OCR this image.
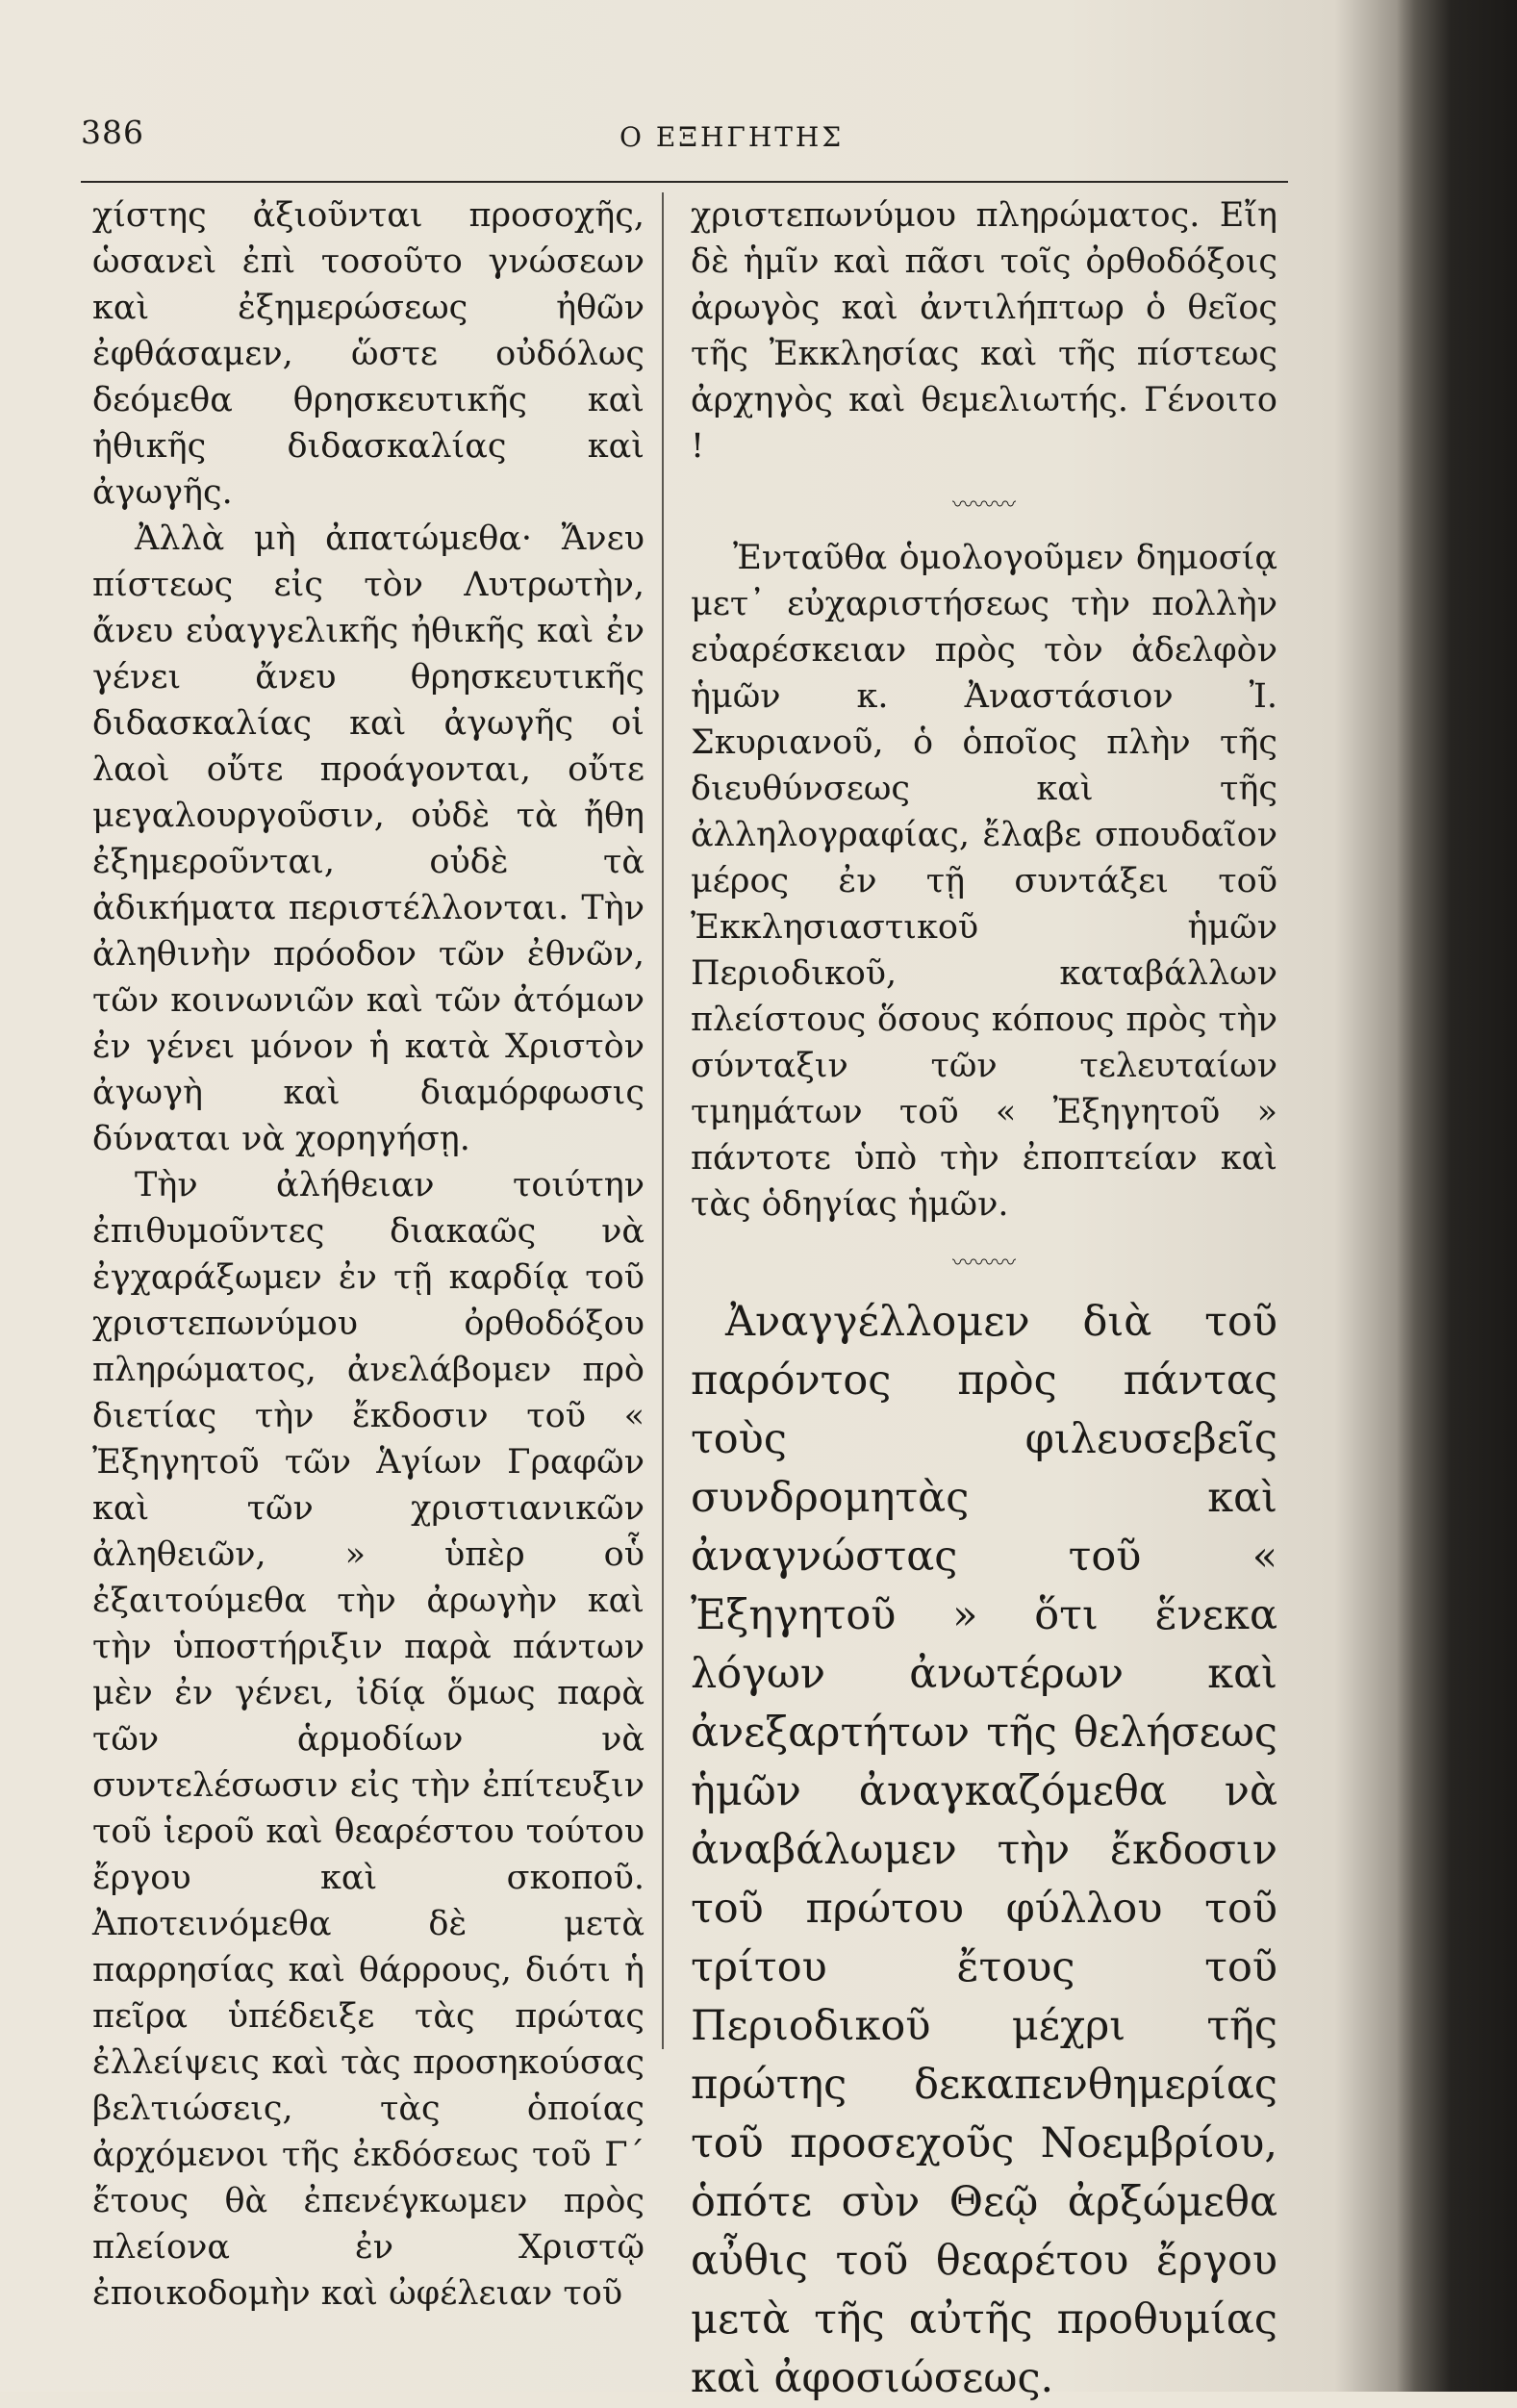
386	Ο ΕΞΗΓΗΤΗΣ

χίστης ἀξιοῦνται προσοχῆς, ὡσανεὶ ἐπὶ τοσοῦτο γνώσεων καὶ ἐξημερώσεως ἠθῶν ἐφθάσαμεν, ὥστε οὐδόλως δεόμεθα θρησκευτικῆς καὶ ἠθικῆς διδασκαλίας καὶ ἀγωγῆς.

Ἀλλὰ μὴ ἀπατώμεθα· Ἄνευ πίστεως εἰς τὸν Λυτρωτὴν, ἄνευ εὐαγγελικῆς ἠθικῆς καὶ ἐν γένει ἄνευ θρησκευτικῆς διδασκαλίας καὶ ἀγωγῆς οἱ λαοὶ οὔτε προάγονται, οὔτε μεγαλουργοῦσιν, οὐδὲ τὰ ἤθη ἐξημεροῦνται, οὐδὲ τὰ ἀδικήματα περιστέλλονται. Τὴν ἀληθινὴν πρόοδον τῶν ἐθνῶν, τῶν κοινωνιῶν καὶ τῶν ἀτόμων ἐν γένει μόνον ἡ κατὰ Χριστὸν ἀγωγὴ καὶ διαμόρφωσις δύναται νὰ χορηγήσῃ.

Τὴν ἀλήθειαν τοιύτην ἐπιθυμοῦντες διακαῶς νὰ ἐγχαράξωμεν ἐν τῇ καρδίᾳ τοῦ χριστεπωνύμου ὀρθοδόξου πληρώματος, ἀνελάβομεν πρὸ διετίας τὴν ἔκδοσιν τοῦ « Ἐξηγητοῦ τῶν Ἁγίων Γραφῶν καὶ τῶν χριστιανικῶν ἀληθειῶν, » ὑπὲρ οὗ ἐξαιτούμεθα τὴν ἀρωγὴν καὶ τὴν ὑποστήριξιν παρὰ πάντων μὲν ἐν γένει, ἰδίᾳ ὅμως παρὰ τῶν ἁρμοδίων νὰ συντελέσωσιν εἰς τὴν ἐπίτευξιν τοῦ ἱεροῦ καὶ θεαρέστου τούτου ἔργου καὶ σκοποῦ. Ἀποτεινόμεθα δὲ μετὰ παρρησίας καὶ θάρρους, διότι ἡ πεῖρα ὑπέδειξε τὰς πρώτας ἐλλείψεις καὶ τὰς προσηκούσας βελτιώσεις, τὰς ὁποίας ἀρχόμενοι τῆς ἐκδόσεως τοῦ Γ´ ἔτους θὰ ἐπενέγκωμεν πρὸς πλείονα ἐν Χριστῷ ἐποικοδομὴν καὶ ὠφέλειαν τοῦ

χριστεπωνύμου πληρώματος. Εἴη δὲ ἡμῖν καὶ πᾶσι τοῖς ὀρθοδόξοις ἀρωγὸς καὶ ἀντιλήπτωρ ὁ θεῖος τῆς Ἐκκλησίας καὶ τῆς πίστεως ἀρχηγὸς καὶ θεμελιωτής. Γένοιτο !

〰〰〰

Ἐνταῦθα ὁμολογοῦμεν δημοσίᾳ μετ᾽ εὐχαριστήσεως τὴν πολλὴν εὐαρέσκειαν πρὸς τὸν ἀδελφὸν ἡμῶν κ. Ἀναστάσιον Ἰ. Σκυριανοῦ, ὁ ὁποῖος πλὴν τῆς διευθύνσεως καὶ τῆς ἀλληλογραφίας, ἔλαβε σπουδαῖον μέρος ἐν τῇ συντάξει τοῦ Ἐκκλησιαστικοῦ ἡμῶν Περιοδικοῦ, καταβάλλων πλείστους ὅσους κόπους πρὸς τὴν σύνταξιν τῶν τελευταίων τμημάτων τοῦ « Ἐξηγητοῦ » πάντοτε ὑπὸ τὴν ἐποπτείαν καὶ τὰς ὁδηγίας ἡμῶν.

〰〰〰

Ἀναγγέλλομεν διὰ τοῦ παρόντος πρὸς πάντας τοὺς φιλευσεβεῖς συνδρομητὰς καὶ ἀναγνώστας τοῦ « Ἐξηγητοῦ » ὅτι ἕνεκα λόγων ἀνωτέρων καὶ ἀνεξαρτήτων τῆς θελήσεως ἡμῶν ἀναγκαζόμεθα νὰ ἀναβάλωμεν τὴν ἔκδοσιν τοῦ πρώτου φύλλου τοῦ τρίτου ἔτους τοῦ Περιοδικοῦ μέχρι τῆς πρώτης δεκαπενθημερίας τοῦ προσεχοῦς Νοεμβρίου, ὁπότε σὺν Θεῷ ἀρξώμεθα αὖθις τοῦ θεαρέτου ἔργου μετὰ τῆς αὐτῆς προθυμίας καὶ ἀφοσιώσεως.
